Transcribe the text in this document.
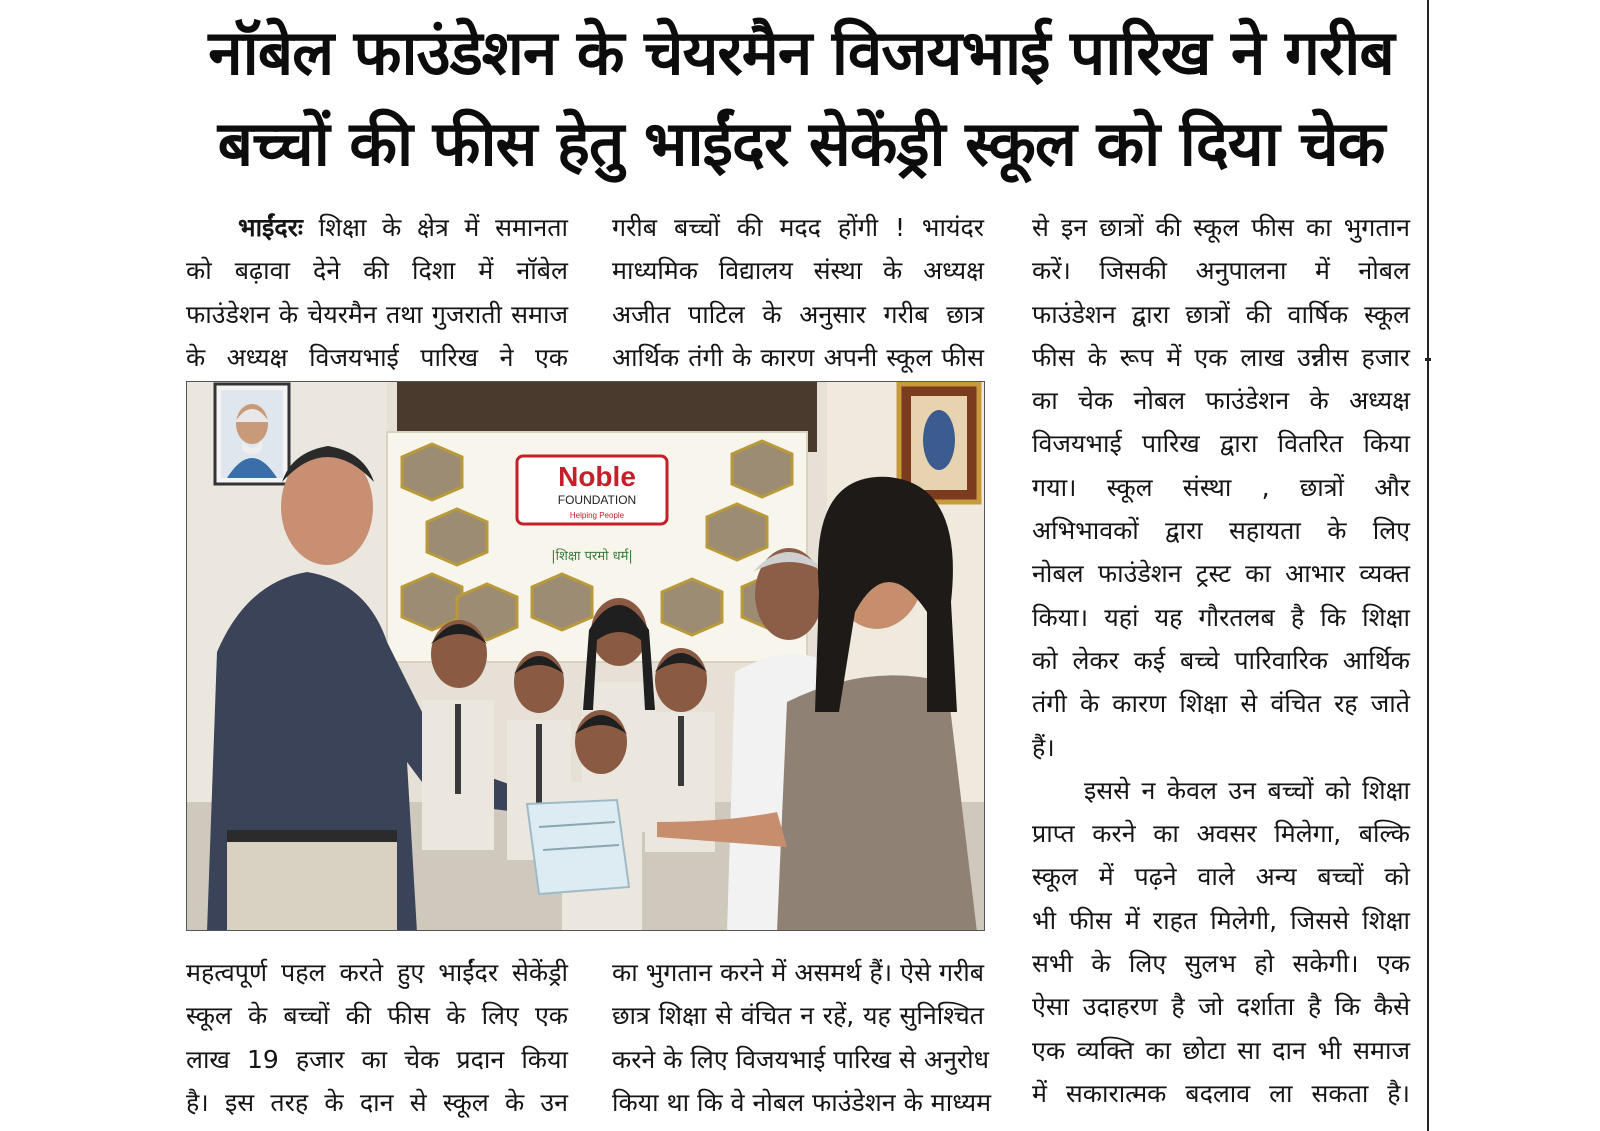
नॉबेल फाउंडेशन के चेयरमैन विजयभाई पारिख ने गरीब
बच्चों की फीस हेतु भाईंदर सेकेंड्री स्कूल को दिया चेक
भाईंदरः शिक्षा के क्षेत्र में समानता
को बढ़ावा देने की दिशा में नॉबेल
फाउंडेशन के चेयरमैन तथा गुजराती समाज
के अध्यक्ष विजयभाई पारिख ने एक
गरीब बच्चों की मदद होंगी ! भायंदर
माध्यमिक विद्यालय संस्था के अध्यक्ष
अजीत पाटिल के अनुसार गरीब छात्र
आर्थिक तंगी के कारण अपनी स्कूल फीस
Noble
FOUNDATION
Helping People
|शिक्षा परमो धर्म|
महत्वपूर्ण पहल करते हुए भाईंदर सेकेंड्री
स्कूल के बच्चों की फीस के लिए एक
लाख 19 हजार का चेक प्रदान किया
है। इस तरह के दान से स्कूल के उन
का भुगतान करने में असमर्थ हैं। ऐसे गरीब
छात्र शिक्षा से वंचित न रहें, यह सुनिश्चित
करने के लिए विजयभाई पारिख से अनुरोध
किया था कि वे नोबल फाउंडेशन के माध्यम
से इन छात्रों की स्कूल फीस का भुगतान
करें। जिसकी अनुपालना में नोबल
फाउंडेशन द्वारा छात्रों की वार्षिक स्कूल
फीस के रूप में एक लाख उन्नीस हजार
का चेक नोबल फाउंडेशन के अध्यक्ष
विजयभाई पारिख द्वारा वितरित किया
गया। स्कूल संस्था , छात्रों और
अभिभावकों द्वारा सहायता के लिए
नोबल फाउंडेशन ट्रस्ट का आभार व्यक्त
किया। यहां यह गौरतलब है कि शिक्षा
को लेकर कई बच्चे पारिवारिक आर्थिक
तंगी के कारण शिक्षा से वंचित रह जाते
हैं।
इससे न केवल उन बच्चों को शिक्षा
प्राप्त करने का अवसर मिलेगा, बल्कि
स्कूल में पढ़ने वाले अन्य बच्चों को
भी फीस में राहत मिलेगी, जिससे शिक्षा
सभी के लिए सुलभ हो सकेगी। एक
ऐसा उदाहरण है जो दर्शाता है कि कैसे
एक व्यक्ति का छोटा सा दान भी समाज
में सकारात्मक बदलाव ला सकता है।
